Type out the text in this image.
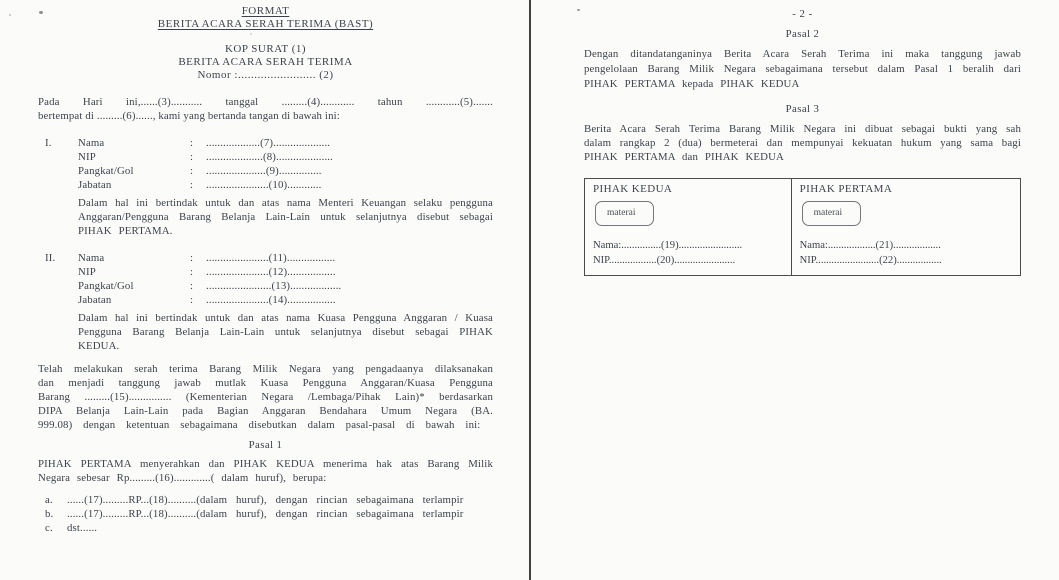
FORMAT
BERITA ACARA SERAH TERIMA (BAST)
KOP SURAT (1)
BERITA ACARA SERAH TERIMA
Nomor :........................ (2)

Pada Hari ini,......(3)........... tanggal .........(4)............ tahun ............(5).......
bertempat di .........(6)......, kami yang bertanda tangan di bawah ini:

I.	Nama	:	...................(7)....................
NIP	:	....................(8)....................
Pangkat/Gol	:	.....................(9)...............
Jabatan	:	......................(10)............

Dalam hal ini bertindak untuk dan atas nama Menteri Keuangan selaku pengguna Anggaran/Pengguna Barang Belanja Lain-Lain untuk selanjutnya disebut sebagai PIHAK PERTAMA.

II.	Nama	:	......................(11).................
NIP	:	......................(12).................
Pangkat/Gol	:	.......................(13)..................
Jabatan	:	......................(14).................

Dalam hal ini bertindak untuk dan atas nama Kuasa Pengguna Anggaran / Kuasa Pengguna Barang Belanja Lain-Lain untuk selanjutnya disebut sebagai PIHAK KEDUA.

Telah melakukan serah terima Barang Milik Negara yang pengadaanya dilaksanakan dan menjadi tanggung jawab mutlak Kuasa Pengguna Anggaran/Kuasa Pengguna Barang .........(15)............... (Kementerian Negara /Lembaga/Pihak Lain)* berdasarkan DIPA Belanja Lain-Lain pada Bagian Anggaran Bendahara Umum Negara (BA. 999.08) dengan ketentuan sebagaimana disebutkan dalam pasal-pasal di bawah ini:

Pasal 1

PIHAK PERTAMA menyerahkan dan PIHAK KEDUA menerima hak atas Barang Milik Negara sebesar Rp.........(16).............( dalam huruf), berupa:

a.	......(17).........RP...(18)..........(dalam huruf), dengan rincian sebagaimana terlampir
b.	......(17).........RP...(18)..........(dalam huruf), dengan rincian sebagaimana terlampir
c.	dst......
- 2 -
Pasal 2

Dengan ditandatanganinya Berita Acara Serah Terima ini maka tanggung jawab pengelolaan Barang Milik Negara sebagaimana tersebut dalam Pasal 1 beralih dari PIHAK PERTAMA kepada PIHAK KEDUA

Pasal 3

Berita Acara Serah Terima Barang Milik Negara ini dibuat sebagai bukti yang sah dalam rangkap 2 (dua) bermeterai dan mempunyai kekuatan hukum yang sama bagi PIHAK PERTAMA dan PIHAK KEDUA

PIHAK KEDUA
materai
Nama:...............(19)........................
NIP..................(20).......................
PIHAK PERTAMA
materai
Nama:..................(21)..................
NIP........................(22).................
